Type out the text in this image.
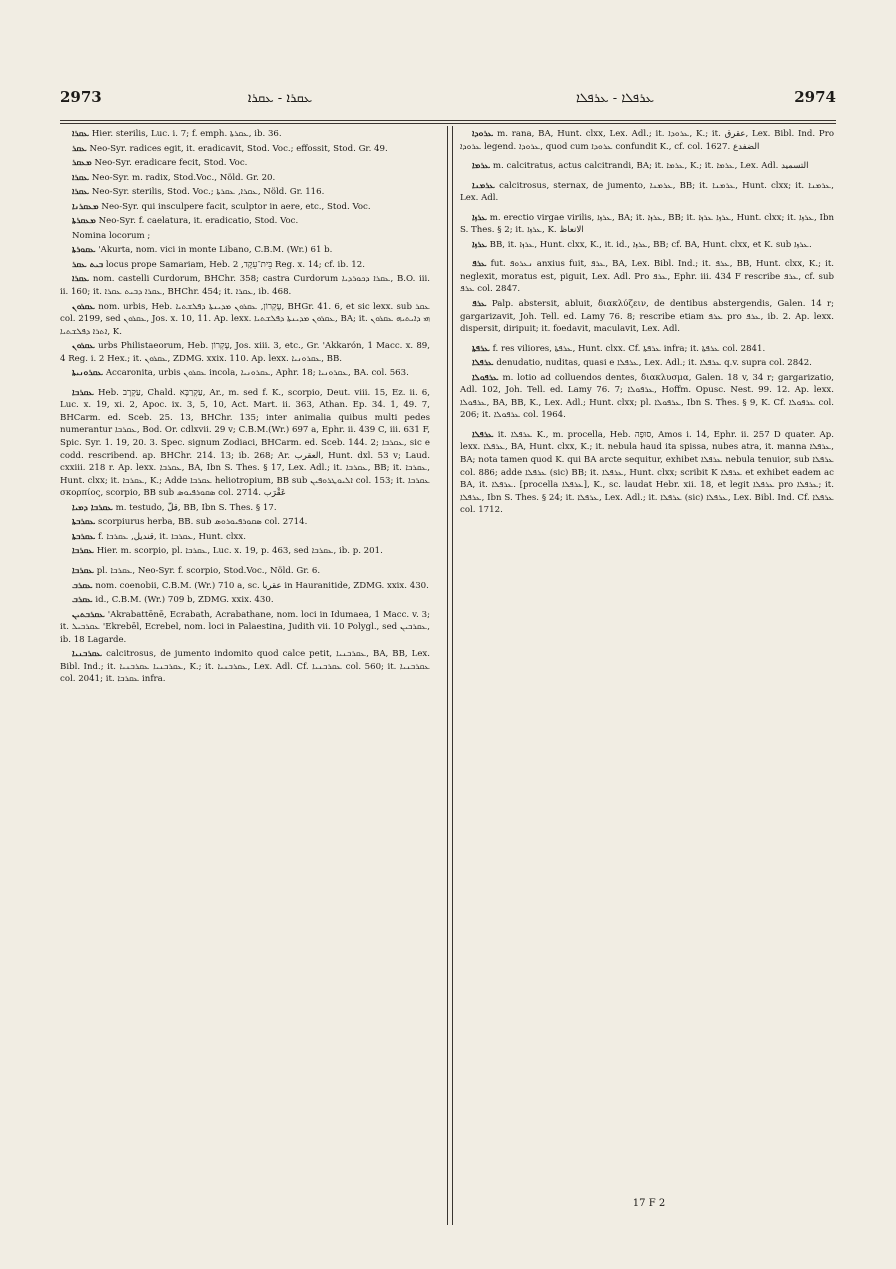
2973	ܥܩܪܐ - ܥܩܪܐ	ܥܪܦܠܐ - ܥܪܦܠܐ	2974

ܥܩܪܐ Hier. sterilis, Luc. i. 7; f. emph. ܥܩܪܬܐ, ib. 36.

ܥܩܪ Neo-Syr. radices egit, it. eradicavit, Stod. Voc.; effossit, Stod. Gr. 49.

ܡܥܩܪ Neo-Syr. eradicare fecit, Stod. Voc.

ܥܩܪܐ Neo-Syr. m. radix, Stod.Voc., Nöld. Gr. 20.

ܥܩܪܐ Neo-Syr. sterilis, Stod. Voc.; ܥܩܪܐ, ܥܩܪܬܐ, Nöld. Gr. 116.

ܡܥܩܪܢܐ Neo-Syr. qui insculpere facit, sculptor in aere, etc., Stod. Voc.

ܡܥܩܪܬܐ Neo-Syr. f. caelatura, it. eradicatio, Stod. Voc.

Nomina locorum ;

ܥܩܘܪܬܐ 'Akurta, nom. vici in monte Libano, C.B.M. (Wr.) 61 b.

ܒܝܬ ܥܩܪ locus prope Samariam, Heb. בֵּית־עֵקֶד, 2 Reg. x. 14; cf. ib. 12.

ܥܩܪܐ nom. castelli Curdorum, BHChr. 358; castra Curdorum ܥܩܪܐ ܕܟܘܪܕܝܐ, B.O. iii. ii. 160; it. ܥܩܪܐ ܕܒܝܬ ܥܩܪܐ, BHChr. 454; it. ܥܩܪܐ, ib. 468.

ܥܩܪܘܢ nom. urbis, Heb. עֶקְרוֹן, ܥܩܪܘܢ ܡܕܝܢܬܐ ܕܦܠܫܬܝܐ, BHGr. 41. 6, et sic lexx. sub ܥܩܪ col. 2199, sed ܥܩܪܘܢ, Jos. x. 10, 11. Ap. lexx. ܥܩܪܘܢ ܡܕܝܢܬܐ ܕܦܠܫܬܝܐ, BA; it. ܗܝ ܕܐܝܬܝܗ ܥܩܪܘܢ ܐܬܪܐ ܕܦܠܫܬܝܐ, K.

ܥܩܪܘܢ urbs Philistaeorum, Heb. עֶקְרוֹן, Jos. xiii. 3, etc., Gr. 'Akkarón, 1 Macc. x. 89, 4 Reg. i. 2 Hex.; it. ܥܩܪܘܢ, ZDMG. xxix. 110. Ap. lexx. ܥܩܪܘܢܝܐ, BB.

ܥܩܪܘܢܝܬܐ Accaronita, urbis ܥܩܪܘܢ incola, ܥܩܪܘܢܝܐ, Aphr. 18; ܥܩܪܘܢܝܐ, BA. col. 563.

ܥܩܪܒܐ Heb. עַקְרָב, Chald. עַקְרַבָּא, Ar., m. sed f. K., scorpio, Deut. viii. 15, Ez. ii. 6, Luc. x. 19, xi. 2, Apoc. ix. 3, 5, 10, Act. Mart. ii. 363, Athan. Ep. 34. 1, 49. 7, BHCarm. ed. Sceb. 25. 13, BHChr. 135; inter animalia quibus multi pedes numerantur ܥܩܪܒܐ, Bod. Or. cdlxvii. 29 v; C.B.M.(Wr.) 697 a, Ephr. ii. 439 C, iii. 631 F, Spic. Syr. 1. 19, 20. 3. Spec. signum Zodiaci, BHCarm. ed. Sceb. 144. 2; ܥܩܪܒܐ, sic e codd. rescribend. ap. BHChr. 214. 13; ib. 268; Ar. العقرب, Hunt. dxl. 53 v; Laud. cxxiii. 218 r. Ap. lexx. ܥܩܪܒܐ, BA, Ibn S. Thes. § 17, Lex. Adl.; it. ܥܩܪܒܐ, BB; it. ܥܩܪܒܐ, Hunt. clxx; it. ܥܩܪܒܐ, K.; Adde ܥܩܪܒܐ heliotropium, BB sub ܐܠܝܘܛܪܘܦܝܢ col. 153; it. ܥܩܪܒܐ σκορπίος, scorpio, BB sub ܣܩܘܪܦܝܘܣ col. 2714. عَقْرَب

ܥܩܪܒܐ ܕܡܝܐ m. testudo, قلّ, BB, Ibn S. Thes. § 17.

ܥܩܪܒܬܐ scorpiurus herba, BB. sub ܣܩܘܪܦܝܘܪܘܣ col. 2714.

ܥܩܪܒܬܐ f. قنديل, ܥܩܪܒܐ, it. ܥܩܪܒܐ, Hunt. clxx.

ܥܩܪܒܐ Hier. m. scorpio, pl. ܥܩܪܒܐ, Luc. x. 19, p. 463, sed ܥܩܪܒܐ, ib. p. 201.

ܥܩܪܒܐ pl. ܥܩܪܒܐ, Neo-Syr. f. scorpio, Stod.Voc., Nöld. Gr. 6.

ܥܩܪܒ nom. coenobii, C.B.M. (Wr.) 710 a, sc. عقربا in Hauranitide, ZDMG. xxix. 430.

ܥܩܪܒ id., C.B.M. (Wr.) 709 b, ZDMG. xxix. 430.

ܥܩܪܒܬܝܢ 'Akrabattēnē, Ecrabath, Acrabathane, nom. loci in Idumaea, 1 Macc. v. 3; it. ܥܩܪܒܝܠ 'Ekrebēl, Ecrebel, nom. loci in Palaestina, Judith vii. 10 Polygl., sed ܥܩܪܒܝܢ, ib. 18 Lagarde.

ܥܩܪܒܢܝܐ calcitrosus, de jumento indomito quod calce petit, ܥܩܪܒܢܝܐ, BA, BB, Lex. Bibl. Ind.; it. ܥܩܪܒܢܝܐ ܥܩܪܒܢܝܐ, K.; it. ܥܩܪܒܢܝܐ, Lex. Adl. Cf. ܥܩܪܒܢܝܐ col. 560; it. ܥܩܪܒܢܝܐ col. 2041; it. ܥܩܪܒܐ infra.

ܥܪܘܕܐ m. rana, BA, Hunt. clxx, Lex. Adl.; it. ܥܪܘܕܐ, K.; it. عقرق, Lex. Bibl. Ind. Pro ܥܪܘܕܐ legend. ܥܪܘܕܐ, quod cum ܥܪܘܕܐ confundit K., cf. col. 1627. الضفدع

ܥܪܡܐ m. calcitratus, actus calcitrandi, BA; it. ܥܪܡܐ, K.; it. ܥܪܡܐ, Lex. Adl. التسميد

ܥܪܡܢܐ calcitrosus, sternax, de jumento, ܥܪܡܢܐ, BB; it. ܥܪܡܢܐ, Hunt. clxx; it. ܥܪܡܢܐ, Lex. Adl.

ܥܪܙܐ m. erectio virgae virilis, ܥܪܙܐ, BA; it. ܥܪܙܐ, BB; it. ܥܪܙܐ ܥܪܙܐ, Hunt. clxx; it. ܥܪܙܐ, Ibn S. Thes. § 2; it. ܥܪܙܐ, K. الانعاظ

ܥܪܙܐ BB, it. ܥܪܙܐ, Hunt. clxx, K., it. id., ܥܪܙܐ, BB; cf. BA, Hunt. clxx, et K. sub ܥܪܙܐ.

ܥܪܦ fut. ܢܥܪܘܦ anxius fuit, ܥܪܦ, BA, Lex. Bibl. Ind.; it. ܥܪܦ, BB, Hunt. clxx, K.; it. neglexit, moratus est, piguit, Lex. Adl. Pro ܥܪܦ, Ephr. iii. 434 F rescribe ܥܪܦ, cf. sub ܥܪܦ col. 2847.

ܥܪܦ Palp. abstersit, abluit, διακλύζειν, de dentibus abstergendis, Galen. 14 r; gargarizavit, Joh. Tell. ed. Lamy 76. 8; rescribe etiam ܥܪܦ pro ܥܪܦ, ib. 2. Ap. lexx. dispersit, diripuit; it. foedavit, maculavit, Lex. Adl.

ܥܪܦܬܐ f. res viliores, ܥܪܦܬܐ, Hunt. clxx. Cf. ܥܪܦܬܐ infra; it. ܥܪܦܬܐ col. 2841.

ܥܪܦܠܐ denudatio, nuditas, quasi e ܥܪܦܠܐ, Lex. Adl.; it. ܥܪܦܠܐ q.v. supra col. 2842.

ܥܪܦܘܠܐ m. lotio ad colluendos dentes, διακλυσμα, Galen. 18 v, 34 r; gargarizatio, Adl. 102, Joh. Tell. ed. Lamy 76. 7; ܥܪܦܘܠܐ, Hoffm. Opusc. Nest. 99. 12. Ap. lexx. ܥܪܦܘܠܐ, BA, BB, K., Lex. Adl.; Hunt. clxx; pl. ܥܪܦܘܠܐ, Ibn S. Thes. § 9, K. Cf. ܥܪܦܘܠܐ col. 206; it. ܥܪܦܘܠܐ col. 1964.

ܥܪܦܠܐ it. ܥܪܦܠܐ K., m. procella, Heb. סוּפָה, Amos i. 14, Ephr. ii. 257 D quater. Ap. lexx. ܥܪܦܠܐ, BA, Hunt. clxx, K.; it. nebula haud ita spissa, nubes atra, it. manna ܥܪܦܠܐ, BA; nota tamen quod K. qui BA arcte sequitur, exhibet ܥܪܦܠܐ nebula tenuior, sub ܥܪܦܠܐ col. 886; adde ܥܪܦܠܐ (sic) BB; it. ܥܪܦܠܐ, Hunt. clxx; scribit K ܥܪܦܠܐ et exhibet eadem ac BA, it. ܥܪܦܠܐ. [procella ܥܪܦܠܐ], K., sc. laudat Hebr. xii. 18, et legit ܥܪܦܠܐ pro ܥܪܦܠܐ; it. ܥܪܦܠܐ, Ibn S. Thes. § 24; it. ܥܪܦܠܐ, Lex. Adl.; it. ܥܪܦܠܐ (sic) ܥܪܦܠܐ, Lex. Bibl. Ind. Cf. ܥܪܦܠܐ col. 1712.

17 F 2
